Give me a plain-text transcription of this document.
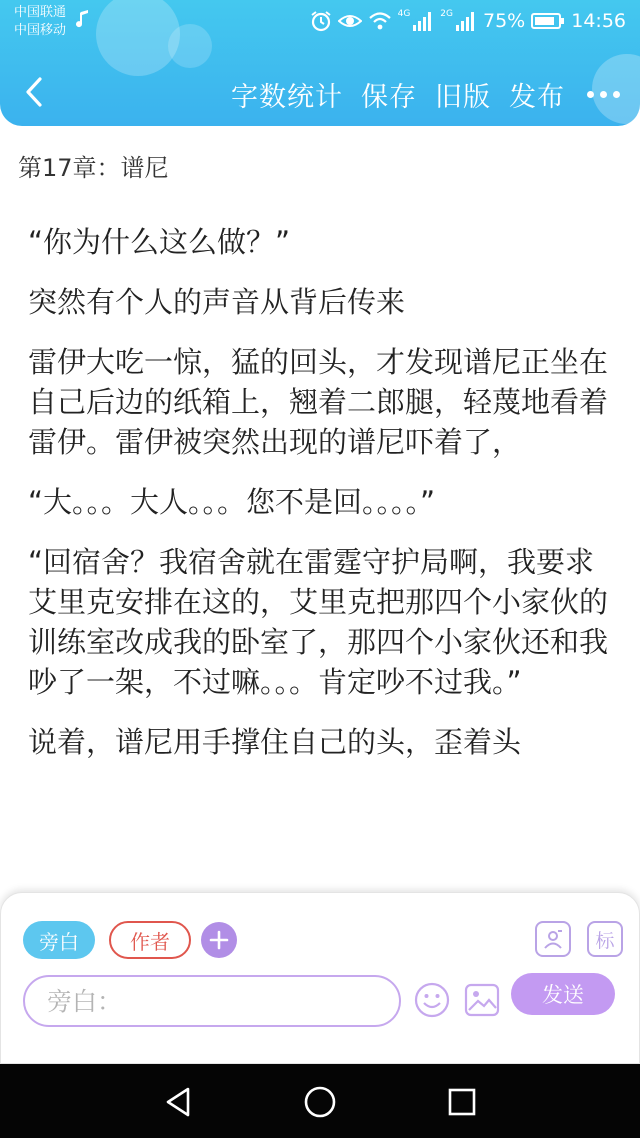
中国联通
中国移动
4G	2G 75% 14:56
字数统计 保存 旧版 发布
第17章：谱尼

“你为什么这么做？”

突然有个人的声音从背后传来

雷伊大吃一惊，猛的回头，才发现谱尼正坐在自己后边的纸箱上，翘着二郎腿，轻蔑地看着雷伊。雷伊被突然出现的谱尼吓着了，

“大。。。大人。。。您不是回。。。。”

“回宿舍？我宿舍就在雷霆守护局啊，我要求艾里克安排在这的，艾里克把那四个小家伙的训练室改成我的卧室了，那四个小家伙还和我吵了一架，不过嘛。。。肯定吵不过我。”

说着，谱尼用手撑住自己的头，歪着头

旁白	作者	标
旁白：
发送
